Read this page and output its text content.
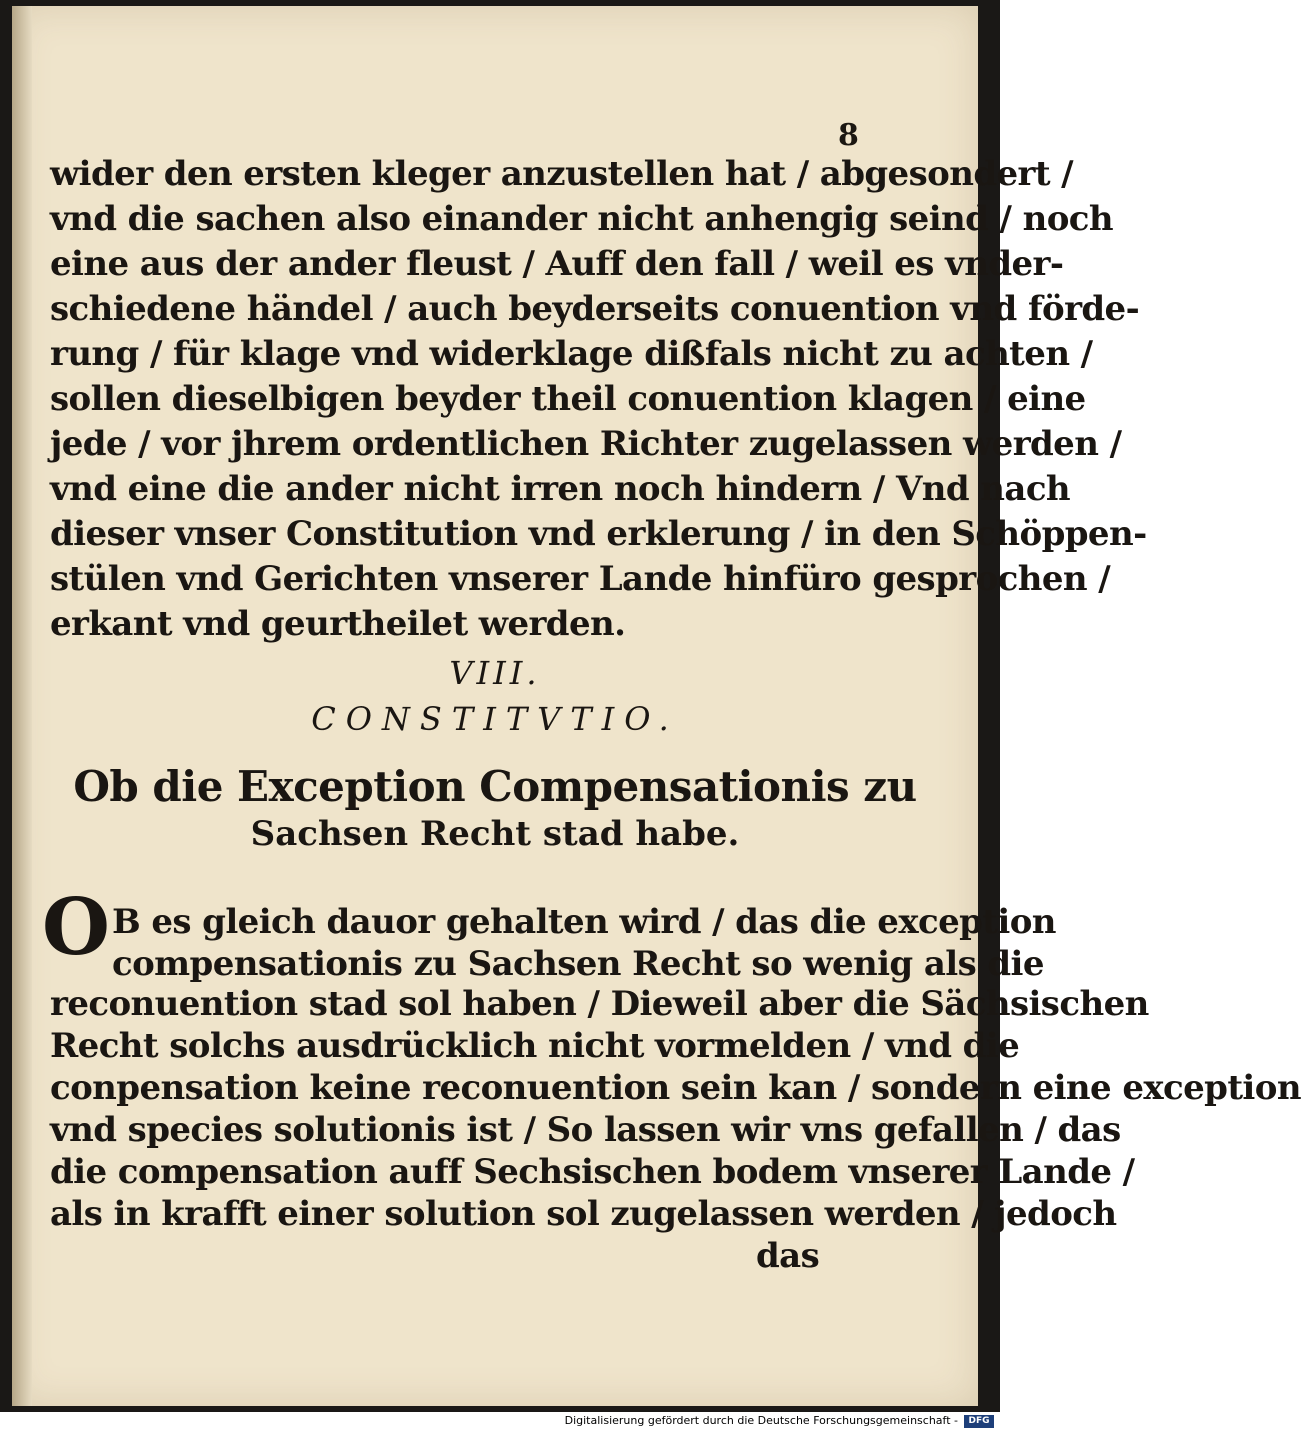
8
wider den ersten kleger anzustellen hat / abgesondert /
vnd die sachen also einander nicht anhengig seind / noch
eine aus der ander fleust / Auff den fall / weil es vnder-
schiedene händel / auch beyderseits conuention vnd förde-
rung / für klage vnd widerklage dißfals nicht zu achten /
sollen dieselbigen beyder theil conuention klagen / eine
jede / vor jhrem ordentlichen Richter zugelassen werden /
vnd eine die ander nicht irren noch hindern / Vnd nach
dieser vnser Constitution vnd erklerung / in den Schöppen-
stülen vnd Gerichten vnserer Lande hinfüro gesprochen /
erkant vnd geurtheilet werden.
VIII.
CONSTITVTIO.
Ob die Exception Compensationis zu
Sachsen Recht stad habe.
O B es gleich dauor gehalten wird / das die exception
compensationis zu Sachsen Recht so wenig als die
reconuention stad sol haben / Dieweil aber die Sächsischen
Recht solchs ausdrücklich nicht vormelden / vnd die
conpensation keine reconuention sein kan / sondern eine exception
vnd species solutionis ist / So lassen wir vns gefallen / das
die compensation auff Sechsischen bodem vnserer Lande /
als in krafft einer solution sol zugelassen werden / jedoch
das
Digitalisierung gefördert durch die Deutsche Forschungsgemeinschaft -	DFG
